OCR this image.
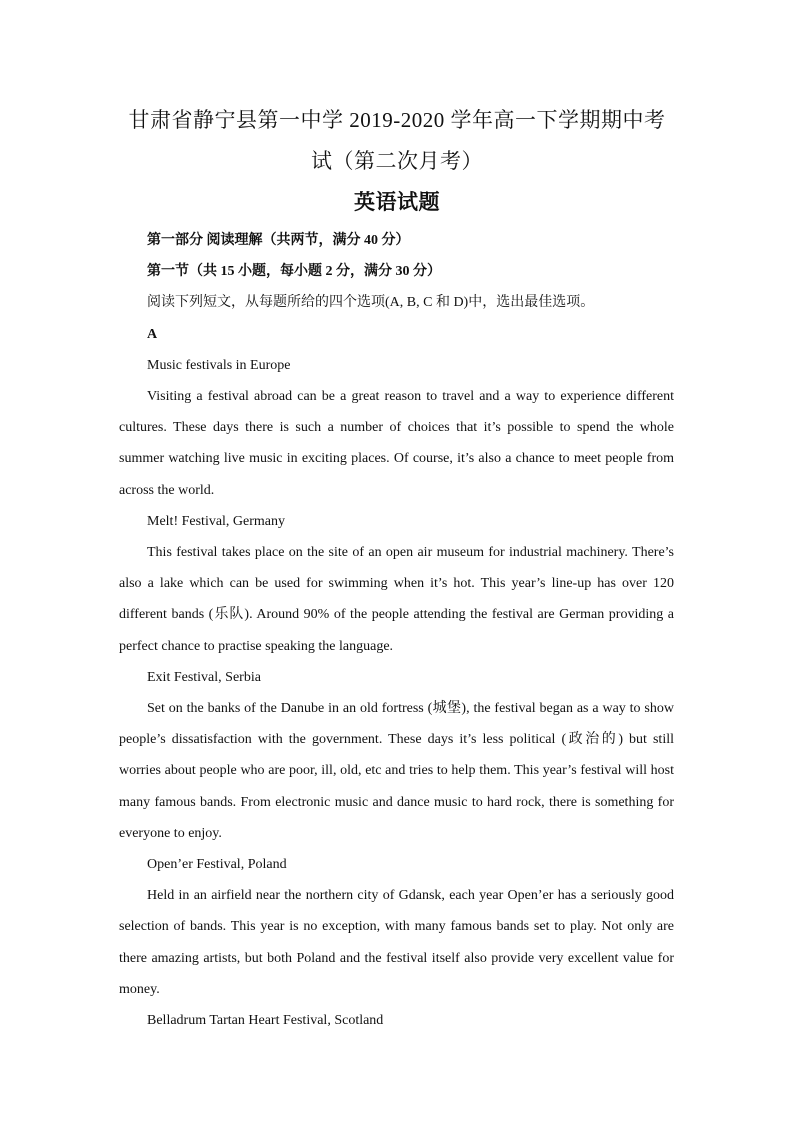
甘肃省静宁县第一中学 2019-2020 学年高一下学期期中考
试（第二次月考）
英语试题

第一部分 阅读理解（共两节，满分 40 分）

第一节（共 15 小题，每小题 2 分，满分 30 分）

阅读下列短文，从每题所给的四个选项(A, B, C 和 D)中，选出最佳选项。

A

Music festivals in Europe

Visiting a festival abroad can be a great reason to travel and a way to experience different cultures. These days there is such a number of choices that it’s possible to spend the whole summer watching live music in exciting places. Of course, it’s also a chance to meet people from across the world.

Melt! Festival, Germany

This festival takes place on the site of an open air museum for industrial machinery. There’s also a lake which can be used for swimming when it’s hot. This year’s line-up has over 120 different bands (乐队). Around 90% of the people attending the festival are German providing a perfect chance to practise speaking the language.

Exit Festival, Serbia

Set on the banks of the Danube in an old fortress (城堡), the festival began as a way to show people’s dissatisfaction with the government. These days it’s less political (政治的) but still worries about people who are poor, ill, old, etc and tries to help them. This year’s festival will host many famous bands. From electronic music and dance music to hard rock, there is something for everyone to enjoy.

Open’er Festival, Poland

Held in an airfield near the northern city of Gdansk, each year Open’er has a seriously good selection of bands. This year is no exception, with many famous bands set to play. Not only are there amazing artists, but both Poland and the festival itself also provide very excellent value for money.

Belladrum Tartan Heart Festival, Scotland
